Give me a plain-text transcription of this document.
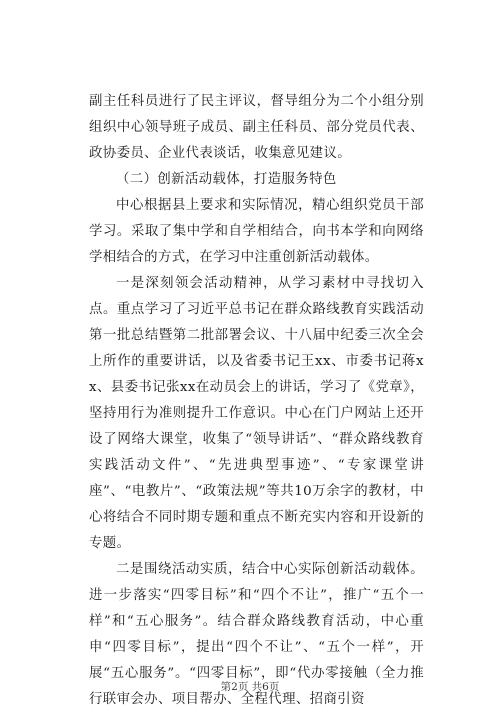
副主任科员进行了民主评议，督导组分为二个小组分别组织中心领导班子成员、副主任科员、部分党员代表、政协委员、企业代表谈话，收集意见建议。

（二）创新活动载体，打造服务特色

中心根据县上要求和实际情况，精心组织党员干部学习。采取了集中学和自学相结合，向书本学和向网络学相结合的方式，在学习中注重创新活动载体。

一是深刻领会活动精神，从学习素材中寻找切入点。重点学习了习近平总书记在群众路线教育实践活动第一批总结暨第二批部署会议、十八届中纪委三次全会上所作的重要讲话，以及省委书记王xx、市委书记蒋xx、县委书记张xx在动员会上的讲话，学习了《党章》，坚持用行为准则提升工作意识。中心在门户网站上还开设了网络大课堂，收集了“领导讲话”、“群众路线教育实践活动文件”、“先进典型事迹”、“专家课堂讲座”、“电教片”、“政策法规”等共10万余字的教材，中心将结合不同时期专题和重点不断充实内容和开设新的专题。

二是围绕活动实质，结合中心实际创新活动载体。进一步落实“四零目标”和“四个不让”，推广“五个一样”和“五心服务”。结合群众路线教育活动，中心重申“四零目标”，提出“四个不让”、“五个一样”，开展“五心服务”。“四零目标”，即“代办零接触（全力推行联审会办、项目帮办、全程代理、招商引资

第2页 共6页
